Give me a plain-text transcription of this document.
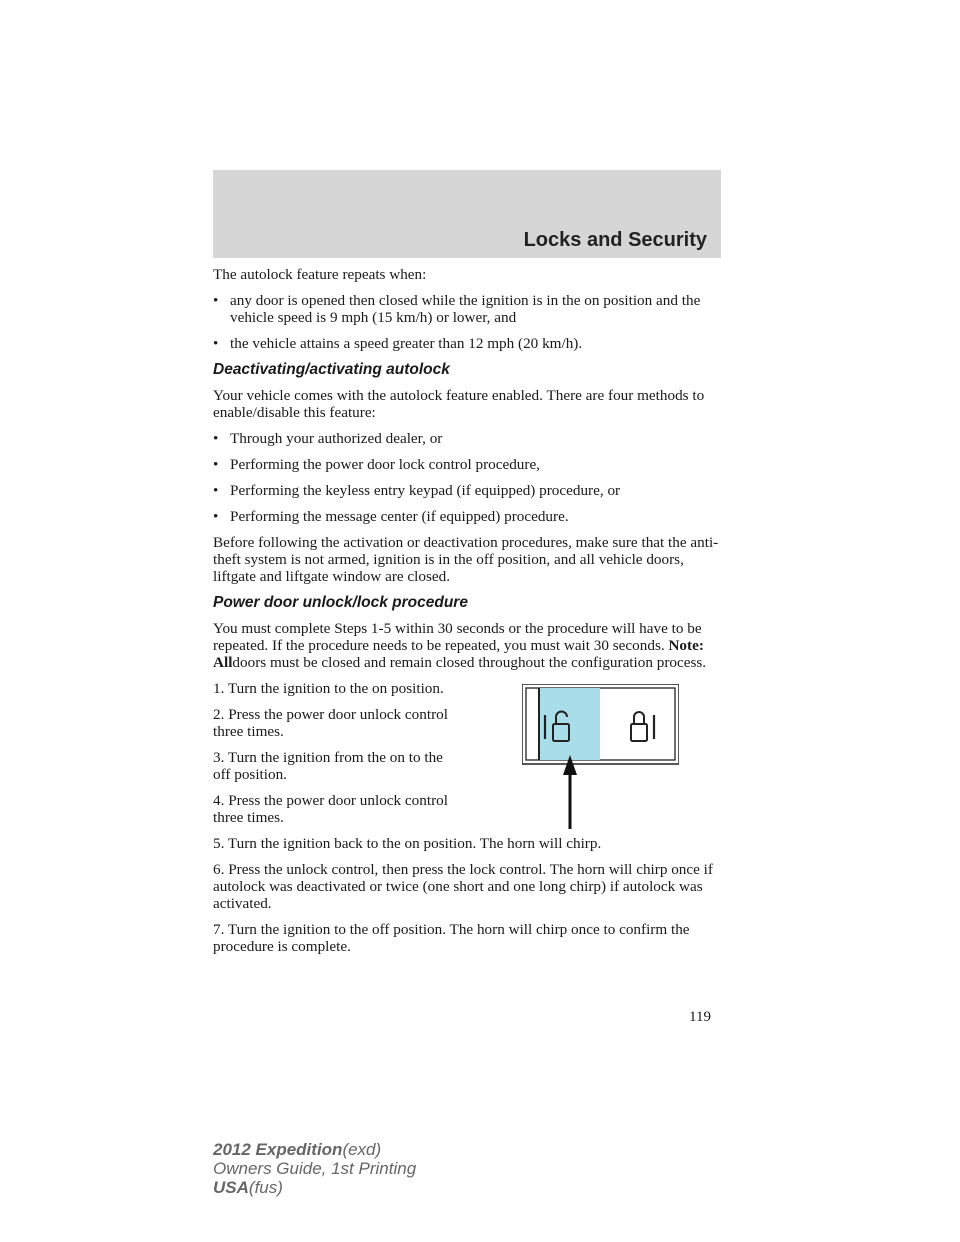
Locks and Security

The autolock feature repeats when:

• any door is opened then closed while the ignition is in the on position and the vehicle speed is 9 mph (15 km/h) or lower, and
• the vehicle attains a speed greater than 12 mph (20 km/h).
Deactivating/activating autolock

Your vehicle comes with the autolock feature enabled. There are four methods to enable/disable this feature:

• Through your authorized dealer, or
• Performing the power door lock control procedure,
• Performing the keyless entry keypad (if equipped) procedure, or
• Performing the message center (if equipped) procedure.

Before following the activation or deactivation procedures, make sure that the anti-theft system is not armed, ignition is in the off position, and all vehicle doors, liftgate and liftgate window are closed.

Power door unlock/lock procedure

You must complete Steps 1-5 within 30 seconds or the procedure will have to be repeated. If the procedure needs to be repeated, you must wait 30 seconds. Note: Alldoors must be closed and remain closed throughout the configuration process.

1. Turn the ignition to the on position.

2. Press the power door unlock control three times.

3. Turn the ignition from the on to the off position.

4. Press the power door unlock control three times.

5. Turn the ignition back to the on position. The horn will chirp.

6. Press the unlock control, then press the lock control. The horn will chirp once if autolock was deactivated or twice (one short and one long chirp) if autolock was activated.

7. Turn the ignition to the off position. The horn will chirp once to confirm the procedure is complete.

119
2012 Expedition(exd)
Owners Guide, 1st Printing
USA(fus)
